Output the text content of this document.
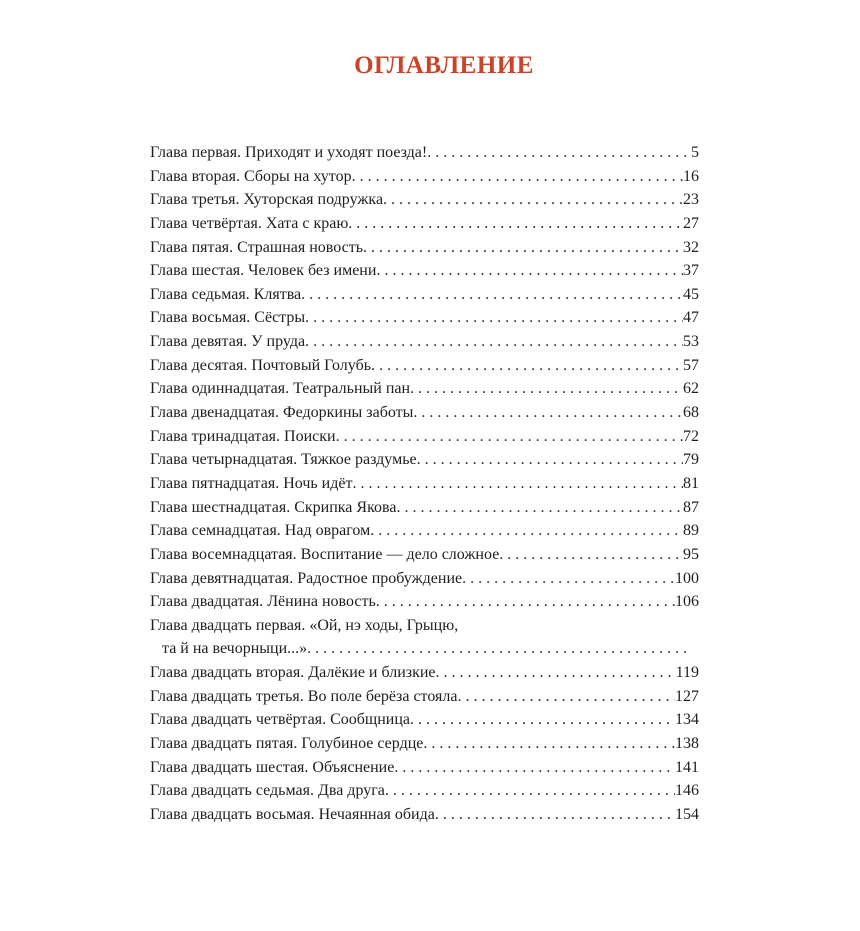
ОГЛАВЛЕНИЕ
Глава первая. Приходят и уходят поезда! . . .	5
Глава вторая. Сборы на хутор . . .	16
Глава третья. Хуторская подружка . . .	23
Глава четвёртая. Хата с краю . . .	27
Глава пятая. Страшная новость . . .	32
Глава шестая. Человек без имени . . .	37
Глава седьмая. Клятва . . .	45
Глава восьмая. Сёстры . . .	47
Глава девятая. У пруда . . .	53
Глава десятая. Почтовый Голубь . . .	57
Глава одиннадцатая. Театральный пан . . .	62
Глава двенадцатая. Федоркины заботы . . .	68
Глава тринадцатая. Поиски . . .	72
Глава четырнадцатая. Тяжкое раздумье . . .	79
Глава пятнадцатая. Ночь идёт . . .	81
Глава шестнадцатая. Скрипка Якова . . .	87
Глава семнадцатая. Над оврагом . . .	89
Глава восемнадцатая. Воспитание — дело сложное . . .	95
Глава девятнадцатая. Радостное пробуждение . . .	100
Глава двадцатая. Лёнина новость . . .	106
Глава двадцать первая. «Ой, нэ ходы, Грыцю,
та й на вечорныци...»
. . .
Глава двадцать вторая. Далёкие и близкие . . .	119
Глава двадцать третья. Во поле берёза стояла . . .	127
Глава двадцать четвёртая. Сообщница . . .	134
Глава двадцать пятая. Голубиное сердце . . .	138
Глава двадцать шестая. Объяснение . . .	141
Глава двадцать седьмая. Два друга . . .	146
Глава двадцать восьмая. Нечаянная обида . . .	154
